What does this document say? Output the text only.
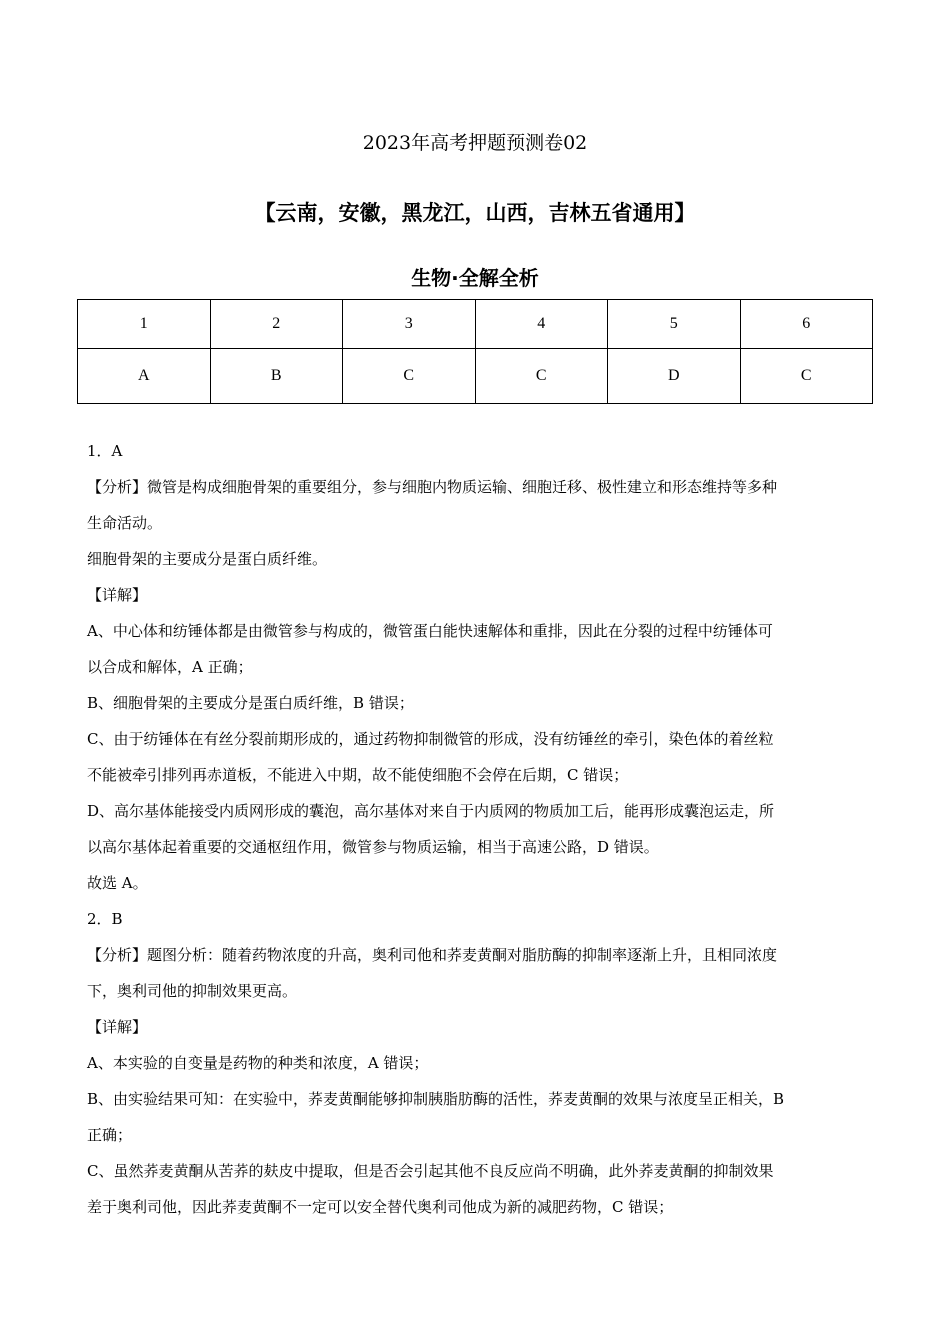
2023年高考押题预测卷02
【云南，安徽，黑龙江，山西，吉林五省通用】
生物·全解全析
1	2	3	4	5	6
A	B	C	C	D	C
1．A
【分析】微管是构成细胞骨架的重要组分，参与细胞内物质运输、细胞迁移、极性建立和形态维持等多种
生命活动。
细胞骨架的主要成分是蛋白质纤维。
【详解】
A、中心体和纺锤体都是由微管参与构成的，微管蛋白能快速解体和重排，因此在分裂的过程中纺锤体可
以合成和解体，A 正确；
B、细胞骨架的主要成分是蛋白质纤维，B 错误；
C、由于纺锤体在有丝分裂前期形成的，通过药物抑制微管的形成，没有纺锤丝的牵引，染色体的着丝粒
不能被牵引排列再赤道板，不能进入中期，故不能使细胞不会停在后期，C 错误；
D、高尔基体能接受内质网形成的囊泡，高尔基体对来自于内质网的物质加工后，能再形成囊泡运走，所
以高尔基体起着重要的交通枢纽作用，微管参与物质运输，相当于高速公路，D 错误。
故选 A。
2．B
【分析】题图分析：随着药物浓度的升高，奥利司他和荞麦黄酮对脂肪酶的抑制率逐渐上升，且相同浓度
下，奥利司他的抑制效果更高。
【详解】
A、本实验的自变量是药物的种类和浓度，A 错误；
B、由实验结果可知：在实验中，荞麦黄酮能够抑制胰脂肪酶的活性，荞麦黄酮的效果与浓度呈正相关，B
正确；
C、虽然荞麦黄酮从苦荞的麸皮中提取，但是否会引起其他不良反应尚不明确，此外荞麦黄酮的抑制效果
差于奥利司他，因此荞麦黄酮不一定可以安全替代奥利司他成为新的减肥药物，C 错误；
